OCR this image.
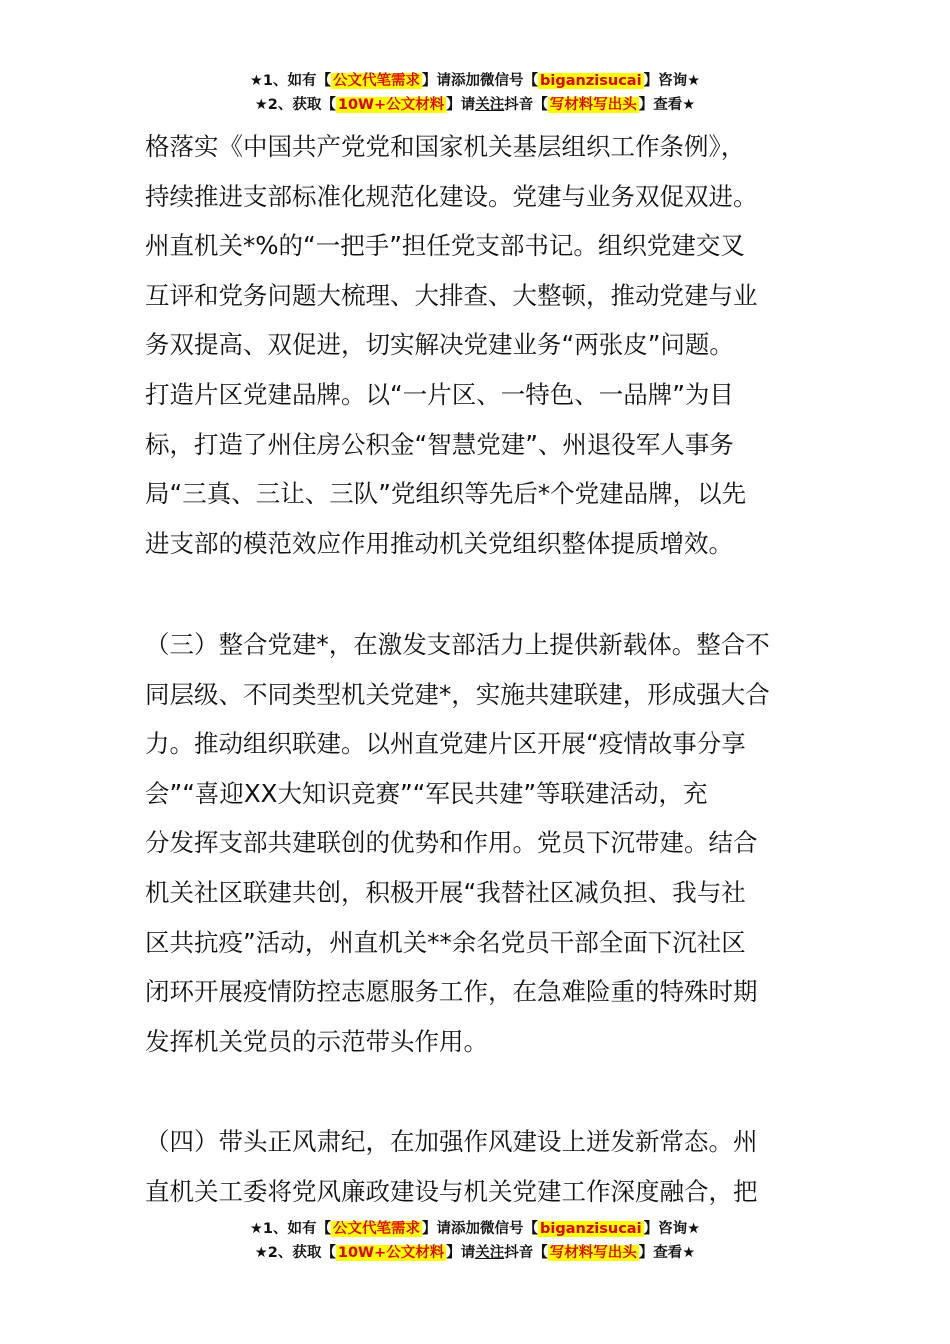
★1、如有【 公文代笔需求 】请添加微信号【 biganzisucai 】咨询★
★2、获取【 10W+公文材料 】请关注抖音【 写材料写出头 】查看★
格落实《中国共产党党和国家机关基层组织工作条例》，
持续推进支部标准化规范化建设。党建与业务双促双进。
州直机关*%的“一把手”担任党支部书记。组织党建交叉
互评和党务问题大梳理、大排查、大整顿，推动党建与业
务双提高、双促进，切实解决党建业务“两张皮”问题。
打造片区党建品牌。以“一片区、一特色、一品牌”为目
标，打造了州住房公积金“智慧党建”、州退役军人事务
局“三真、三让、三队”党组织等先后*个党建品牌，以先
进支部的模范效应作用推动机关党组织整体提质增效。
（三）整合党建*，在激发支部活力上提供新载体。整合不
同层级、不同类型机关党建*，实施共建联建，形成强大合
力。推动组织联建。以州直党建片区开展“疫情故事分享
会”“喜迎XX大知识竞赛”“军民共建”等联建活动，充
分发挥支部共建联创的优势和作用。党员下沉带建。结合
机关社区联建共创，积极开展“我替社区减负担、我与社
区共抗疫”活动，州直机关**余名党员干部全面下沉社区
闭环开展疫情防控志愿服务工作，在急难险重的特殊时期
发挥机关党员的示范带头作用。
（四）带头正风肃纪，在加强作风建设上迸发新常态。州
直机关工委将党风廉政建设与机关党建工作深度融合，把
★1、如有【 公文代笔需求 】请添加微信号【 biganzisucai 】咨询★
★2、获取【 10W+公文材料 】请关注抖音【 写材料写出头 】查看★
